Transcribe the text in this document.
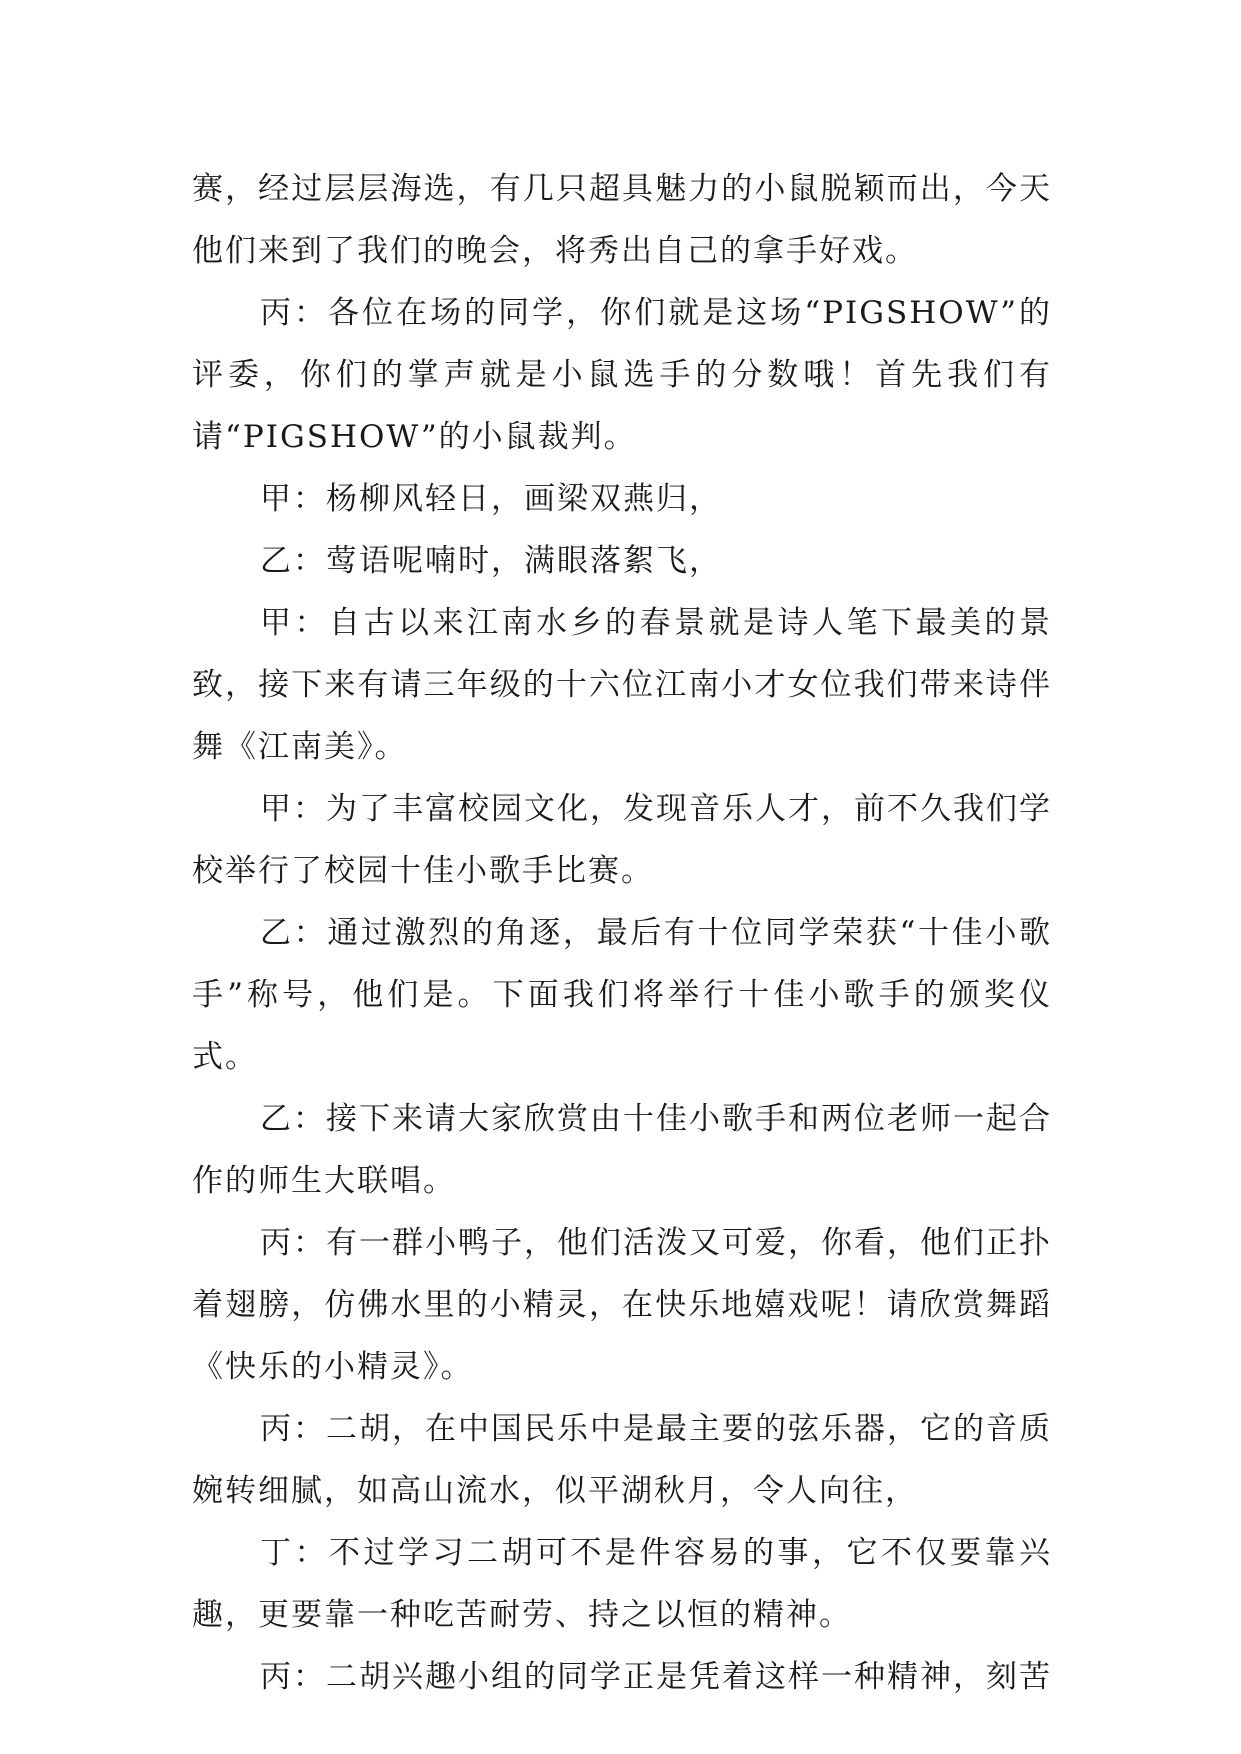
赛，经过层层海选，有几只超具魅力的小鼠脱颖而出，今天他们来到了我们的晚会，将秀出自己的拿手好戏。

丙：各位在场的同学，你们就是这场“PIGSHOW”的评委，你们的掌声就是小鼠选手的分数哦！首先我们有请“PIGSHOW”的小鼠裁判。

甲：杨柳风轻日，画梁双燕归，

乙：莺语呢喃时，满眼落絮飞，

甲：自古以来江南水乡的春景就是诗人笔下最美的景致，接下来有请三年级的十六位江南小才女位我们带来诗伴舞《江南美》。

甲：为了丰富校园文化，发现音乐人才，前不久我们学校举行了校园十佳小歌手比赛。

乙：通过激烈的角逐，最后有十位同学荣获“十佳小歌手”称号，他们是。下面我们将举行十佳小歌手的颁奖仪式。

乙：接下来请大家欣赏由十佳小歌手和两位老师一起合作的师生大联唱。

丙：有一群小鸭子，他们活泼又可爱，你看，他们正扑着翅膀，仿佛水里的小精灵，在快乐地嬉戏呢！请欣赏舞蹈《快乐的小精灵》。

丙：二胡，在中国民乐中是最主要的弦乐器，它的音质婉转细腻，如高山流水，似平湖秋月，令人向往，

丁：不过学习二胡可不是件容易的事，它不仅要靠兴趣，更要靠一种吃苦耐劳、持之以恒的精神。

丙：二胡兴趣小组的同学正是凭着这样一种精神，刻苦
